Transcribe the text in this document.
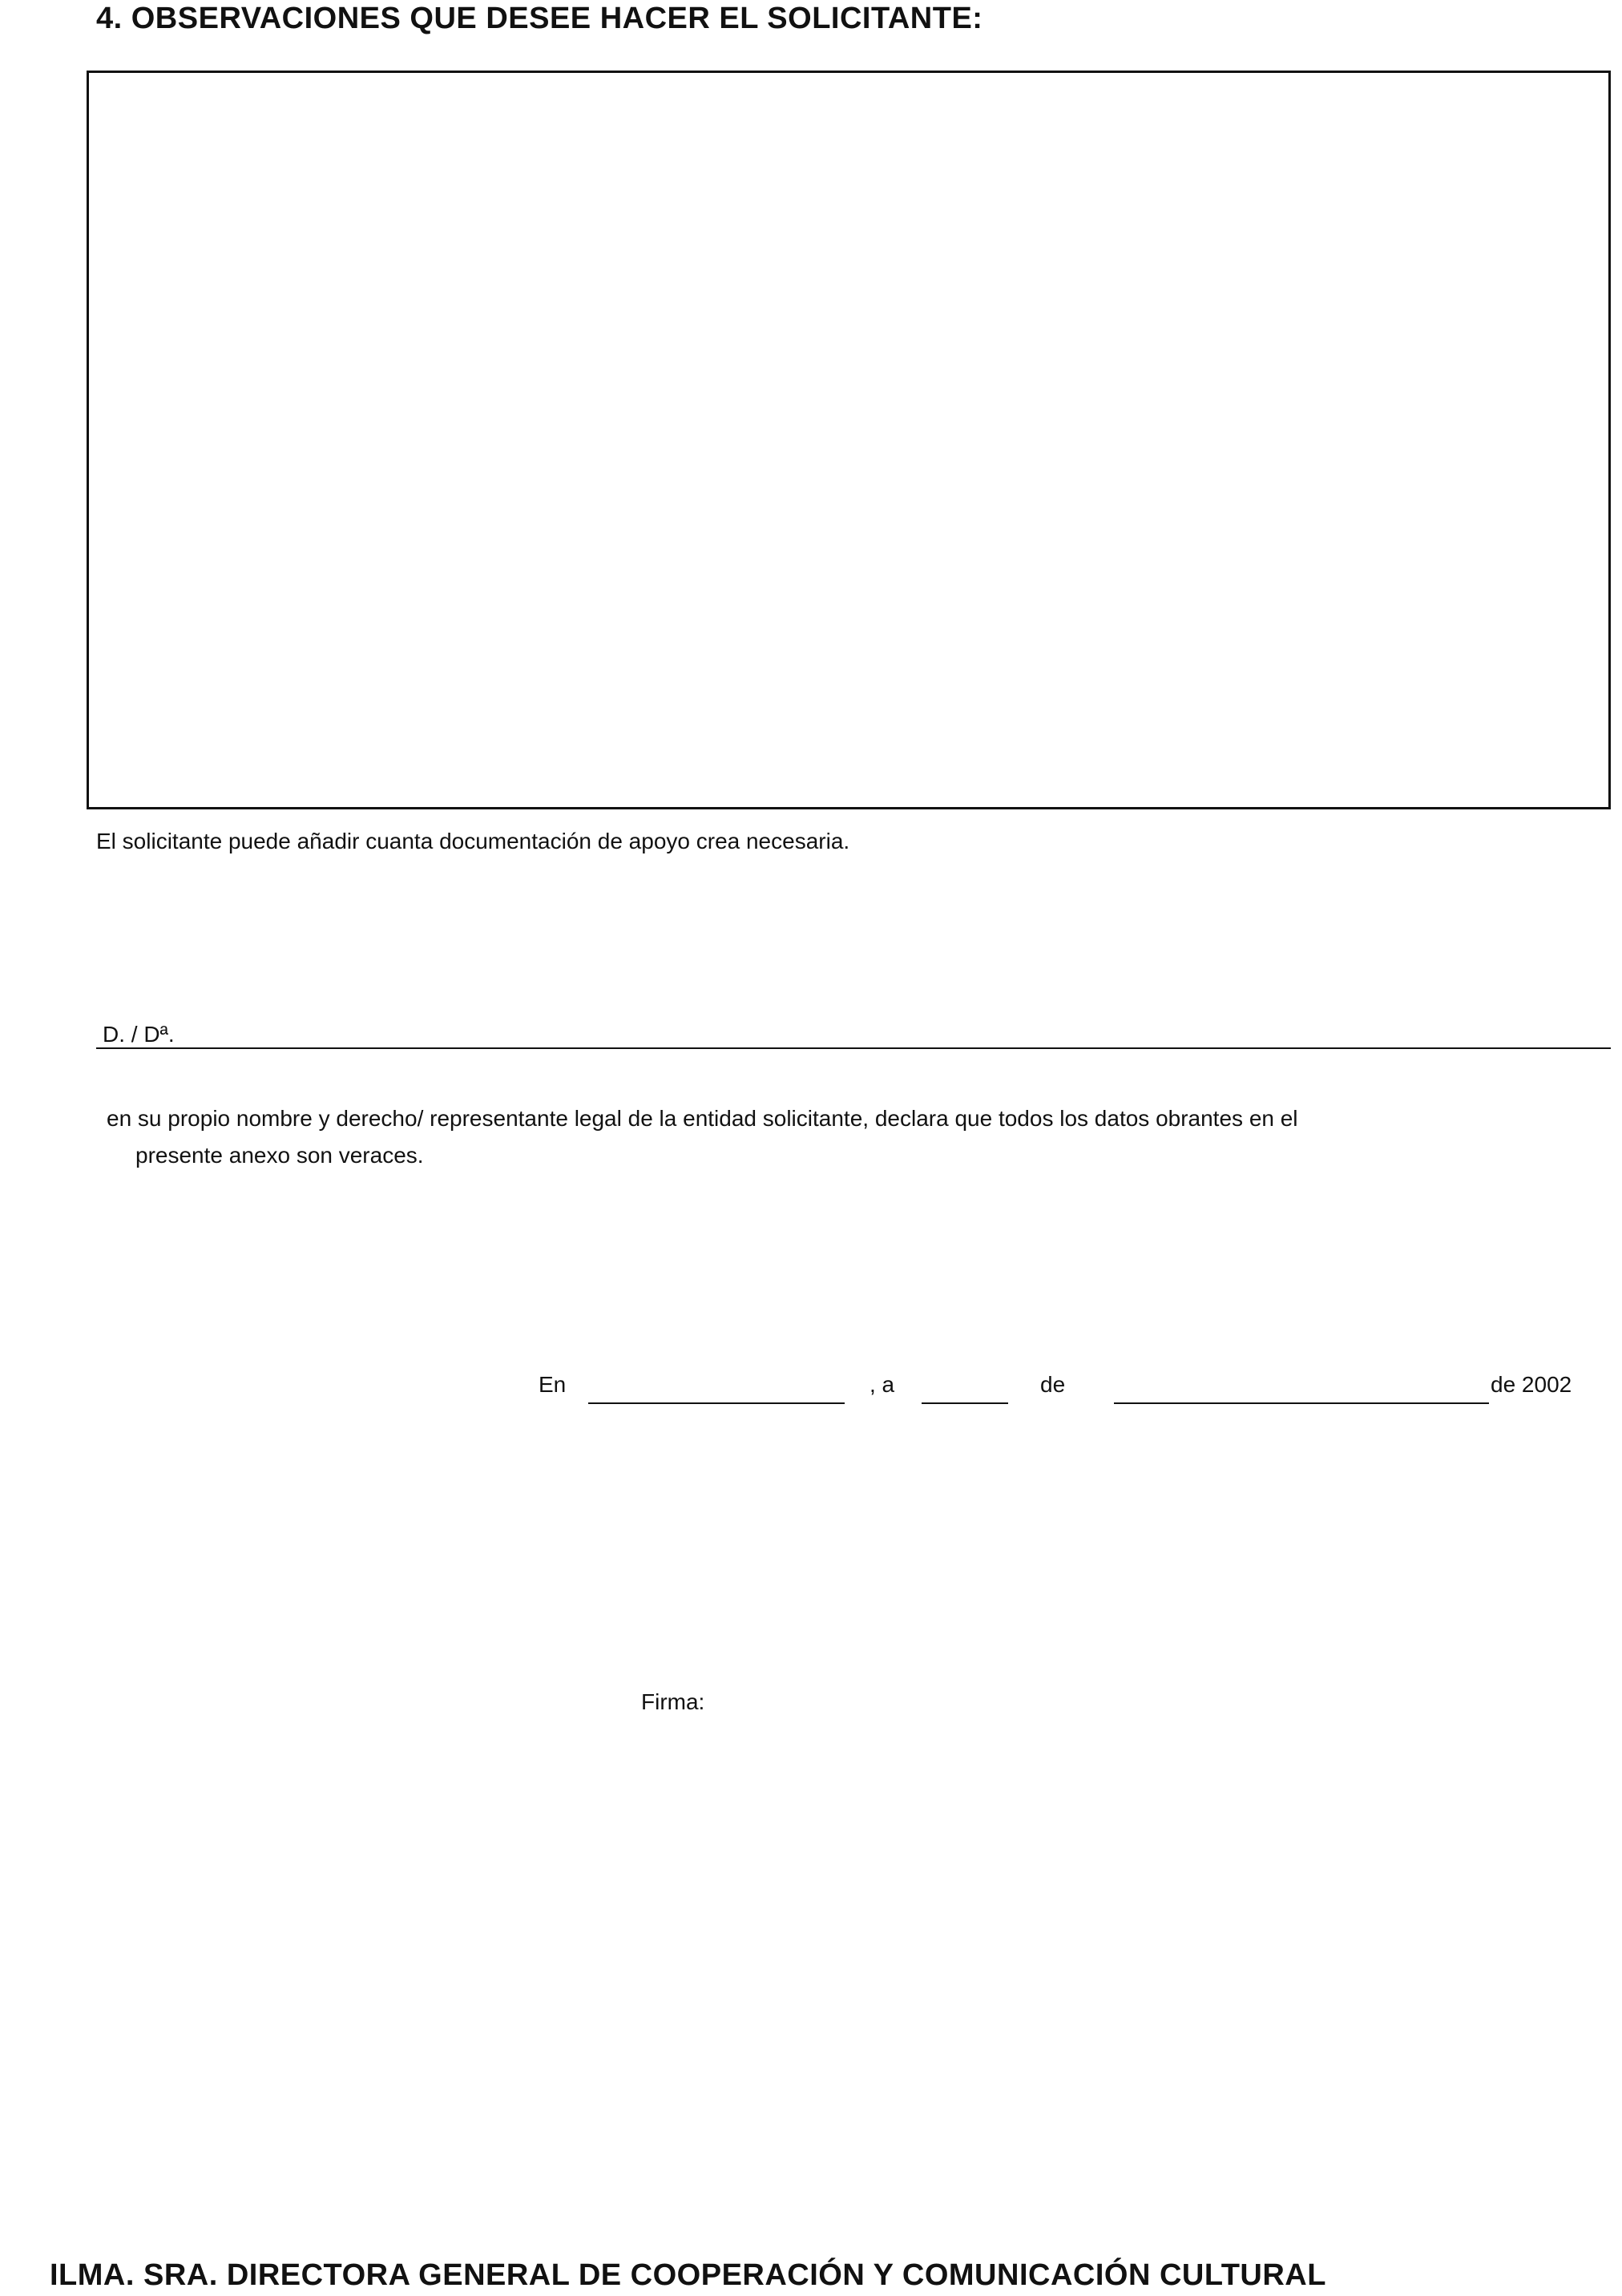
4. OBSERVACIONES QUE DESEE HACER EL SOLICITANTE:
El solicitante puede añadir cuanta documentación de apoyo crea necesaria.
D. / Dª.
en su propio nombre y derecho/ representante legal de la entidad solicitante, declara que todos los datos obrantes en el
presente anexo son veraces.
En	, a	de	de 2002
Firma:
ILMA. SRA. DIRECTORA GENERAL DE COOPERACIÓN Y COMUNICACIÓN CULTURAL
